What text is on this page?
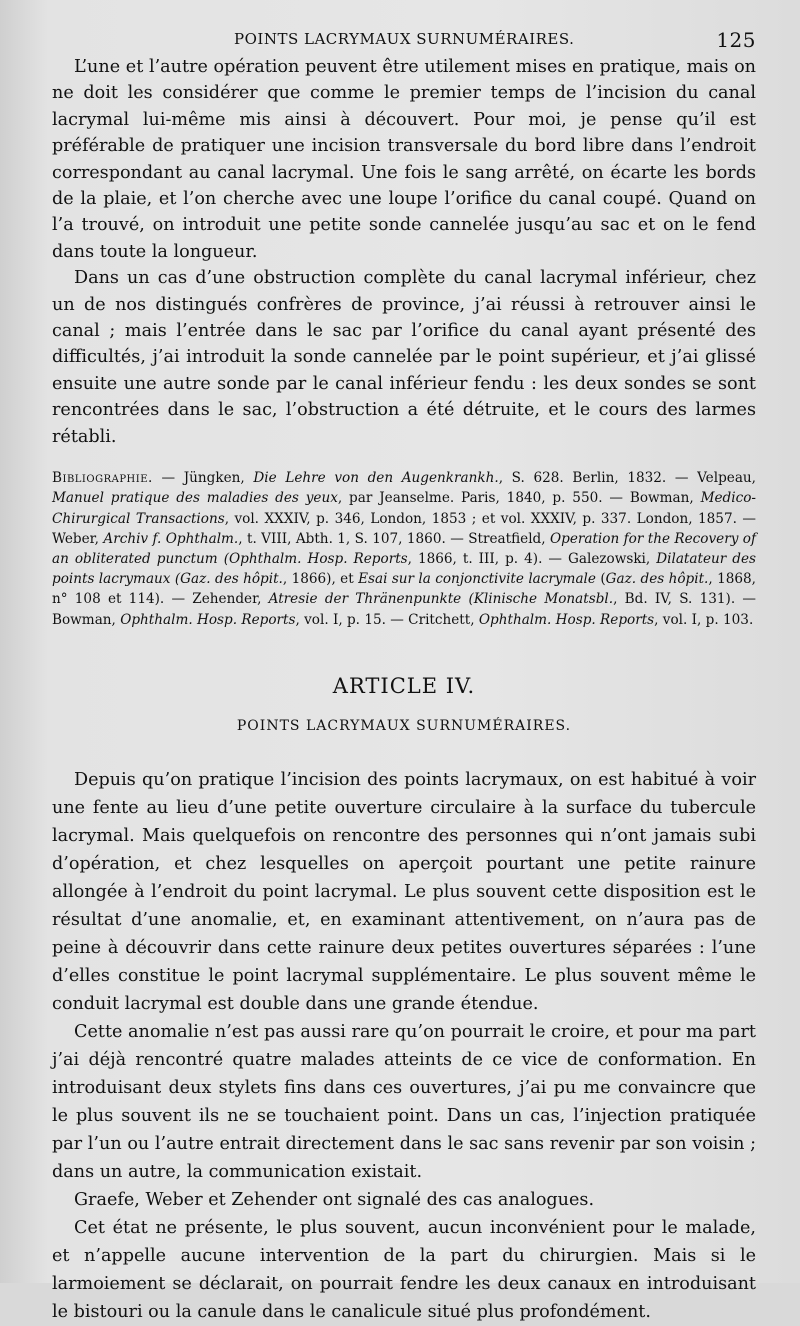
POINTS LACRYMAUX SURNUMÉRAIRES.	125

L’une et l’autre opération peuvent être utilement mises en pratique, mais on ne doit les considérer que comme le premier temps de l’incision du canal lacrymal lui-même mis ainsi à découvert. Pour moi, je pense qu’il est préférable de pratiquer une incision transversale du bord libre dans l’endroit correspondant au canal lacrymal. Une fois le sang arrêté, on écarte les bords de la plaie, et l’on cherche avec une loupe l’orifice du canal coupé. Quand on l’a trouvé, on introduit une petite sonde cannelée jusqu’au sac et on le fend dans toute la longueur.

Dans un cas d’une obstruction complète du canal lacrymal inférieur, chez un de nos distingués confrères de province, j’ai réussi à retrouver ainsi le canal ; mais l’entrée dans le sac par l’orifice du canal ayant présenté des difficultés, j’ai introduit la sonde cannelée par le point supérieur, et j’ai glissé ensuite une autre sonde par le canal inférieur fendu : les deux sondes se sont rencontrées dans le sac, l’obstruction a été détruite, et le cours des larmes rétabli.

Bibliographie. — Jüngken, Die Lehre von den Augenkrankh., S. 628. Berlin, 1832. — Velpeau, Manuel pratique des maladies des yeux, par Jeanselme. Paris, 1840, p. 550. — Bowman, Medico-Chirurgical Transactions, vol. XXXIV, p. 346, London, 1853 ; et vol. XXXIV, p. 337. London, 1857. — Weber, Archiv f. Ophthalm., t. VIII, Abth. 1, S. 107, 1860. — Streatfield, Operation for the Recovery of an obliterated punctum (Ophthalm. Hosp. Reports, 1866, t. III, p. 4). — Galezowski, Dilatateur des points lacrymaux (Gaz. des hôpit., 1866), et Esai sur la conjonctivite lacrymale (Gaz. des hôpit., 1868, n° 108 et 114). — Zehender, Atresie der Thränenpunkte (Klinische Monatsbl., Bd. IV, S. 131). — Bowman, Ophthalm. Hosp. Reports, vol. I, p. 15. — Critchett, Ophthalm. Hosp. Reports, vol. I, p. 103.

ARTICLE IV.
POINTS LACRYMAUX SURNUMÉRAIRES.

Depuis qu’on pratique l’incision des points lacrymaux, on est habitué à voir une fente au lieu d’une petite ouverture circulaire à la surface du tubercule lacrymal. Mais quelquefois on rencontre des personnes qui n’ont jamais subi d’opération, et chez lesquelles on aperçoit pourtant une petite rainure allongée à l’endroit du point lacrymal. Le plus souvent cette disposition est le résultat d’une anomalie, et, en examinant attentivement, on n’aura pas de peine à découvrir dans cette rainure deux petites ouvertures séparées : l’une d’elles constitue le point lacrymal supplémentaire. Le plus souvent même le conduit lacrymal est double dans une grande étendue.

Cette anomalie n’est pas aussi rare qu’on pourrait le croire, et pour ma part j’ai déjà rencontré quatre malades atteints de ce vice de conformation. En introduisant deux stylets fins dans ces ouvertures, j’ai pu me convaincre que le plus souvent ils ne se touchaient point. Dans un cas, l’injection pratiquée par l’un ou l’autre entrait directement dans le sac sans revenir par son voisin ; dans un autre, la communication existait.

Graefe, Weber et Zehender ont signalé des cas analogues.

Cet état ne présente, le plus souvent, aucun inconvénient pour le malade, et n’appelle aucune intervention de la part du chirurgien. Mais si le larmoiement se déclarait, on pourrait fendre les deux canaux en introduisant le bistouri ou la canule dans le canalicule situé plus profondément.
